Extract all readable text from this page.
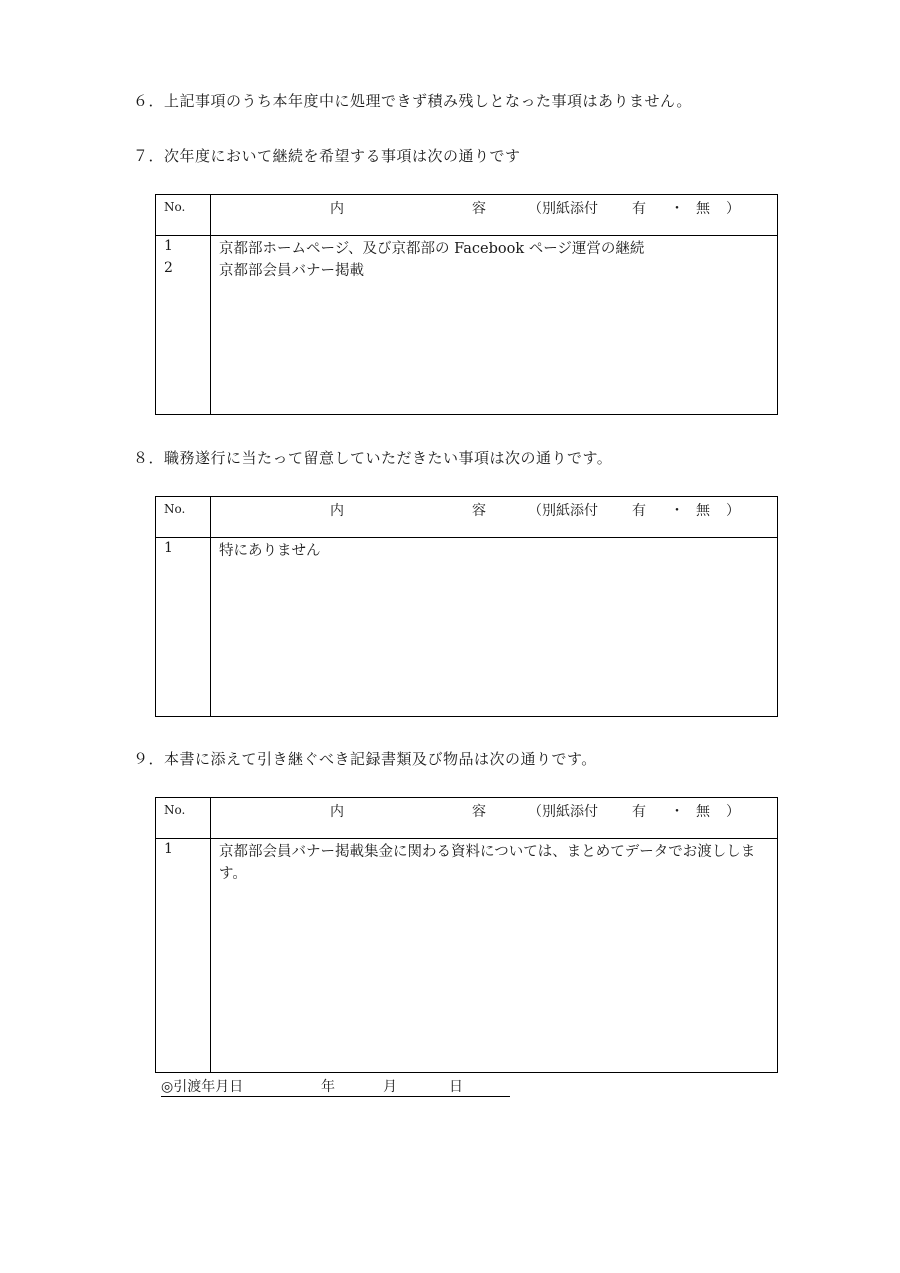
６．上記事項のうち本年度中に処理できず積み残しとなった事項はありません。
７．次年度において継続を希望する事項は次の通りです
No.	内	容	（別紙添付 有 ・ 無 ）
1	京都部ホームページ、及び京都部の Facebook ページ運営の継続
2	京都部会員バナー掲載
８．職務遂行に当たって留意していただきたい事項は次の通りです。
No.	内	容	（別紙添付 有 ・ 無 ）
1	特にありません
９．本書に添えて引き継ぐべき記録書類及び物品は次の通りです。
No.	内	容	（別紙添付 有 ・ 無 ）
1	京都部会員バナー掲載集金に関わる資料については、まとめてデータでお渡しします。
◎引渡年月日	年	月	日
